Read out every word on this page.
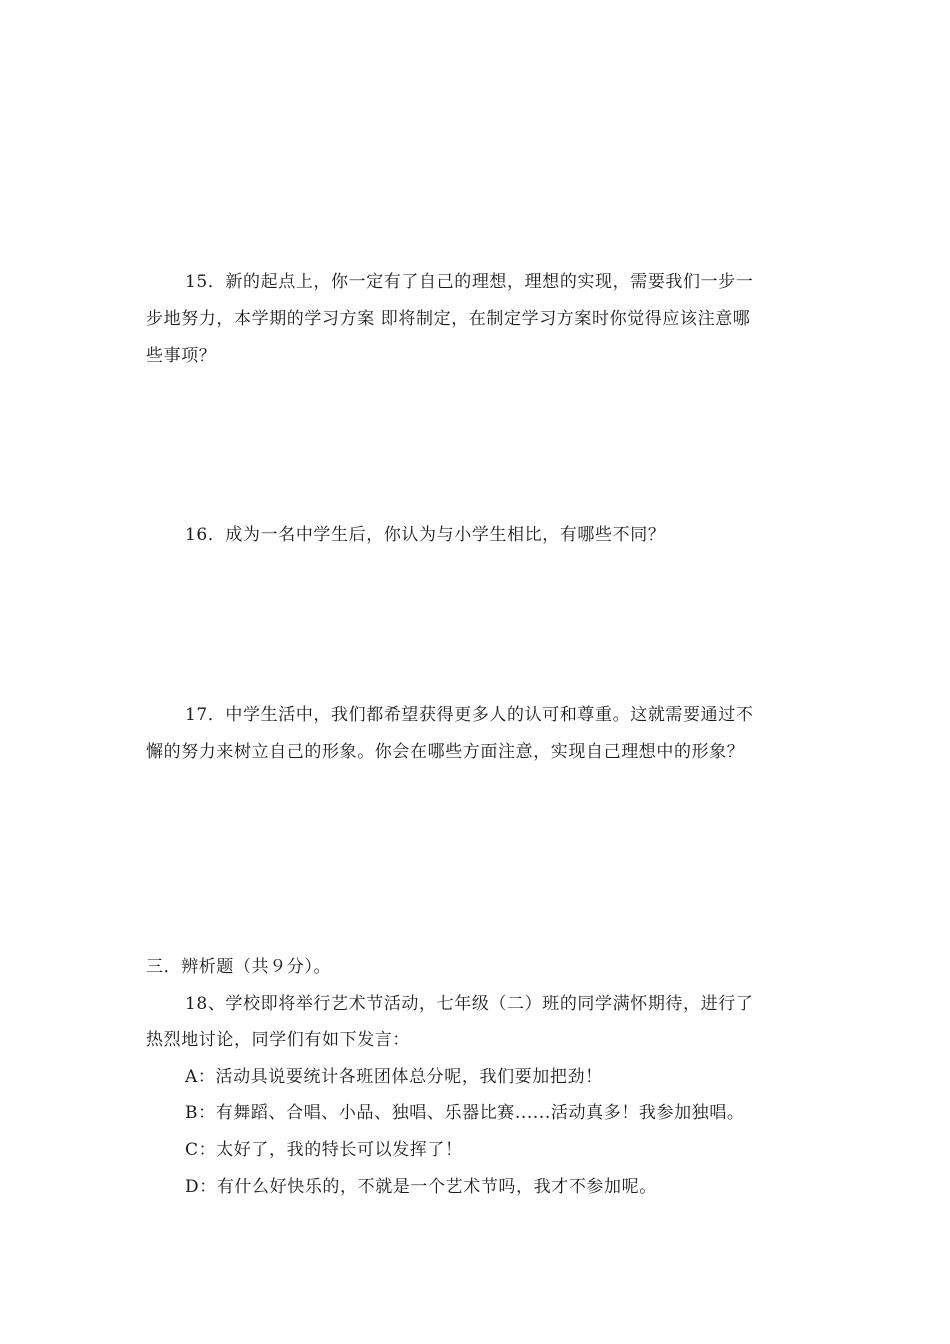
15．新的起点上，你一定有了自己的理想，理想的实现，需要我们一步一
步地努力，本学期的学习方案 即将制定，在制定学习方案时你觉得应该注意哪
些事项？
16．成为一名中学生后，你认为与小学生相比，有哪些不同？
17．中学生活中，我们都希望获得更多人的认可和尊重。这就需要通过不
懈的努力来树立自己的形象。你会在哪些方面注意，实现自己理想中的形象？
三．辨析题（共９分）。
18、学校即将举行艺术节活动，七年级（二）班的同学满怀期待，进行了
热烈地讨论，同学们有如下发言：
A：活动具说要统计各班团体总分呢，我们要加把劲！
B：有舞蹈、合唱、小品、独唱、乐器比赛......活动真多！我参加独唱。
C：太好了，我的特长可以发挥了！
D：有什么好快乐的，不就是一个艺术节吗，我才不参加呢。
